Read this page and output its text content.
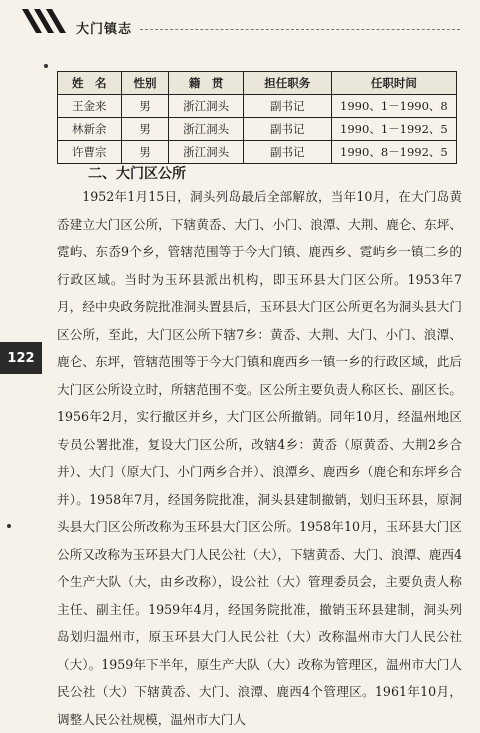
大门镇志
姓　名	性别	籍　贯	担任职务	任职时间
王金来	男	浙江洞头	副书记	1990、1－1990、8
林新余	男	浙江洞头	副书记	1990、1－1992、5
许曹宗	男	浙江洞头	副书记	1990、8－1992、5
二、大门区公所

1952年1月15日，洞头列岛最后全部解放，当年10月，在大门岛黄岙建立大门区公所，下辖黄岙、大门、小门、浪潭、大荆、鹿仑、东坪、霓屿、东岙9个乡，管辖范围等于今大门镇、鹿西乡、霓屿乡一镇二乡的行政区域。当时为玉环县派出机构，即玉环县大门区公所。1953年7月，经中央政务院批准洞头置县后，玉环县大门区公所更名为洞头县大门区公所，至此，大门区公所下辖7乡：黄岙、大荆、大门、小门、浪潭、鹿仑、东坪，管辖范围等于今大门镇和鹿西乡一镇一乡的行政区域，此后大门区公所设立时，所辖范围不变。区公所主要负责人称区长、副区长。1956年2月，实行撤区并乡，大门区公所撤销。同年10月，经温州地区专员公署批准，复设大门区公所，改辖4乡：黄岙（原黄岙、大荆2乡合并）、大门（原大门、小门两乡合并）、浪潭乡、鹿西乡（鹿仑和东坪乡合并）。1958年7月，经国务院批准，洞头县建制撤销，划归玉环县，原洞头县大门区公所改称为玉环县大门区公所。1958年10月，玉环县大门区公所又改称为玉环县大门人民公社（大），下辖黄岙、大门、浪潭、鹿西4个生产大队（大，由乡改称），设公社（大）管理委员会，主要负责人称主任、副主任。1959年4月，经国务院批准，撤销玉环县建制，洞头列岛划归温州市，原玉环县大门人民公社（大）改称温州市大门人民公社（大）。1959年下半年，原生产大队（大）改称为管理区，温州市大门人民公社（大）下辖黄岙、大门、浪潭、鹿西4个管理区。1961年10月，调整人民公社规模，温州市大门人

122
